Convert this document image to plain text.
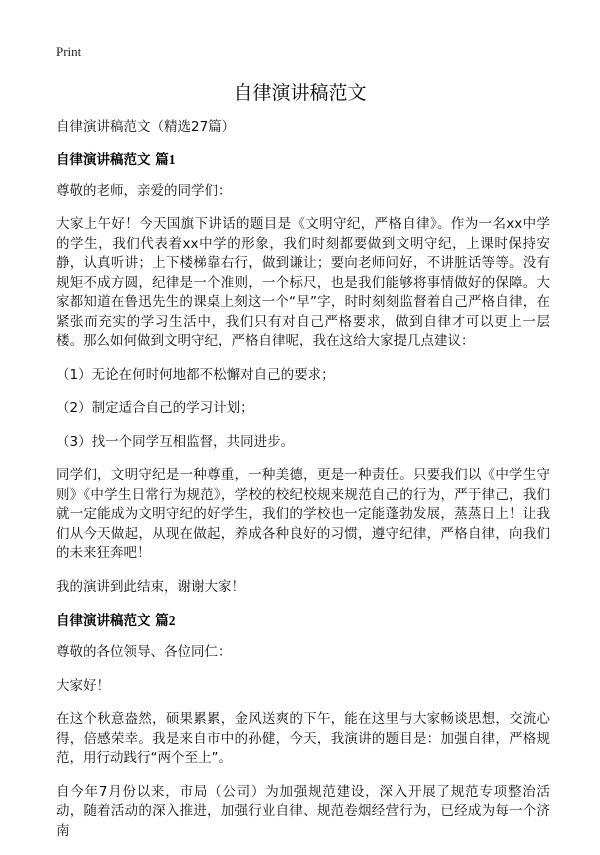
Print
自律演讲稿范文

自律演讲稿范文（精选27篇）

自律演讲稿范文 篇1

尊敬的老师，亲爱的同学们：

大家上午好！今天国旗下讲话的题目是《文明守纪，严格自律》。作为一名xx中学的学生，我们代表着xx中学的形象，我们时刻都要做到文明守纪，上课时保持安静，认真听讲；上下楼梯靠右行，做到谦让；要向老师问好，不讲脏话等等。没有规矩不成方圆，纪律是一个准则，一个标尺，也是我们能够将事情做好的保障。大家都知道在鲁迅先生的课桌上刻这一个“早”字，时时刻刻监督着自己严格自律，在紧张而充实的学习生活中，我们只有对自己严格要求，做到自律才可以更上一层楼。那么如何做到文明守纪，严格自律呢，我在这给大家提几点建议：

（1）无论在何时何地都不松懈对自己的要求；

（2）制定适合自己的学习计划；

（3）找一个同学互相监督，共同进步。

同学们，文明守纪是一种尊重，一种美德，更是一种责任。只要我们以《中学生守则》《中学生日常行为规范》，学校的校纪校规来规范自己的行为，严于律己，我们就一定能成为文明守纪的好学生，我们的学校也一定能蓬勃发展，蒸蒸日上！让我们从今天做起，从现在做起，养成各种良好的习惯，遵守纪律，严格自律，向我们的未来狂奔吧！

我的演讲到此结束，谢谢大家！

自律演讲稿范文 篇2

尊敬的各位领导、各位同仁：

大家好！

在这个秋意盎然，硕果累累，金风送爽的下午，能在这里与大家畅谈思想，交流心得，倍感荣幸。我是来自市中的孙健，今天，我演讲的题目是：加强自律，严格规范，用行动践行“两个至上”。

自今年7月份以来，市局（公司）为加强规范建设，深入开展了规范专项整治活动，随着活动的深入推进，加强行业自律、规范卷烟经营行为，已经成为每一个济南
